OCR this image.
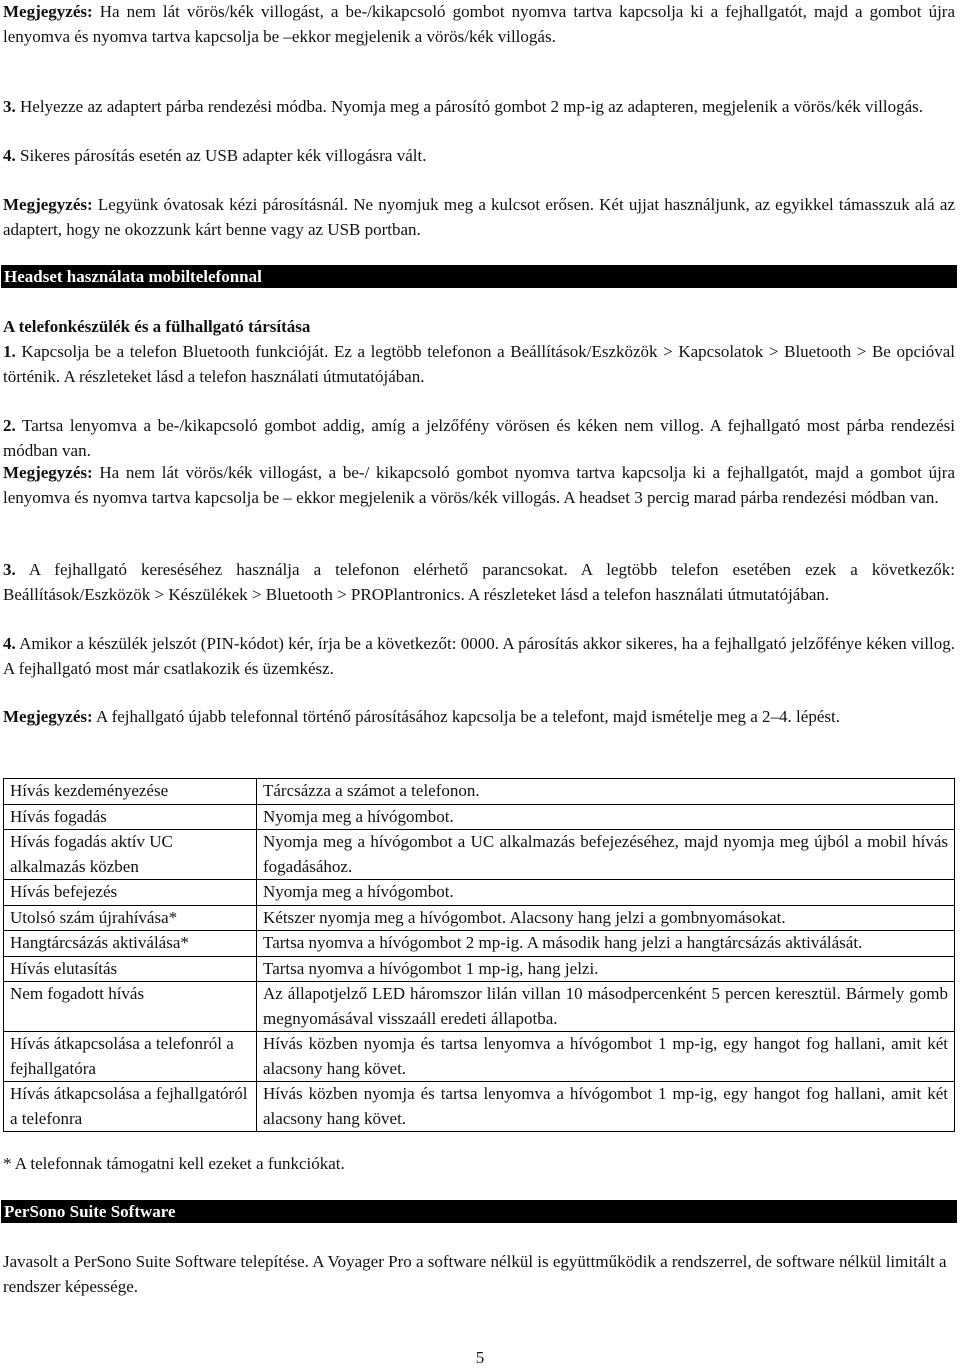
Megjegyzés: Ha nem lát vörös/kék villogást, a be-/kikapcsoló gombot nyomva tartva kapcsolja ki a fejhallgatót, majd a gombot újra lenyomva és nyomva tartva kapcsolja be –ekkor megjelenik a vörös/kék villogás.

3. Helyezze az adaptert párba rendezési módba. Nyomja meg a párosító gombot 2 mp-ig az adapteren, megjelenik a vörös/kék villogás.

4. Sikeres párosítás esetén az USB adapter kék villogásra vált.

Megjegyzés: Legyünk óvatosak kézi párosításnál. Ne nyomjuk meg a kulcsot erősen. Két ujjat használjunk, az egyikkel támasszuk alá az adaptert, hogy ne okozzunk kárt benne vagy az USB portban.

Headset használata mobiltelefonnal

A telefonkészülék és a fülhallgató társítása

1. Kapcsolja be a telefon Bluetooth funkcióját. Ez a legtöbb telefonon a Beállítások/Eszközök > Kapcsolatok > Bluetooth > Be opcióval történik. A részleteket lásd a telefon használati útmutatójában.

2. Tartsa lenyomva a be-/kikapcsoló gombot addig, amíg a jelzőfény vörösen és kéken nem villog. A fejhallgató most párba rendezési módban van.

Megjegyzés: Ha nem lát vörös/kék villogást, a be-/ kikapcsoló gombot nyomva tartva kapcsolja ki a fejhallgatót, majd a gombot újra lenyomva és nyomva tartva kapcsolja be – ekkor megjelenik a vörös/kék villogás. A headset 3 percig marad párba rendezési módban van.

3. A fejhallgató kereséséhez használja a telefonon elérhető parancsokat. A legtöbb telefon esetében ezek a következők: Beállítások/Eszközök > Készülékek > Bluetooth > PROPlantronics. A részleteket lásd a telefon használati útmutatójában.

4. Amikor a készülék jelszót (PIN-kódot) kér, írja be a következőt: 0000. A párosítás akkor sikeres, ha a fejhallgató jelzőfénye kéken villog. A fejhallgató most már csatlakozik és üzemkész.

Megjegyzés: A fejhallgató újabb telefonnal történő párosításához kapcsolja be a telefont, majd ismételje meg a 2–4. lépést.

Hívás kezdeményezése	Tárcsázza a számot a telefonon.
Hívás fogadás	Nyomja meg a hívógombot.
Hívás fogadás aktív UC alkalmazás közben	Nyomja meg a hívógombot a UC alkalmazás befejezéséhez, majd nyomja meg újból a mobil hívás fogadásához.
Hívás befejezés	Nyomja meg a hívógombot.
Utolsó szám újrahívása*	Kétszer nyomja meg a hívógombot. Alacsony hang jelzi a gombnyomásokat.
Hangtárcsázás aktiválása*	Tartsa nyomva a hívógombot 2 mp-ig. A második hang jelzi a hangtárcsázás aktiválását.
Hívás elutasítás	Tartsa nyomva a hívógombot 1 mp-ig, hang jelzi.
Nem fogadott hívás	Az állapotjelző LED háromszor lilán villan 10 másodpercenként 5 percen keresztül. Bármely gomb megnyomásával visszaáll eredeti állapotba.
Hívás átkapcsolása a telefonról a fejhallgatóra	Hívás közben nyomja és tartsa lenyomva a hívógombot 1 mp-ig, egy hangot fog hallani, amit két alacsony hang követ.
Hívás átkapcsolása a fejhallgatóról a telefonra	Hívás közben nyomja és tartsa lenyomva a hívógombot 1 mp-ig, egy hangot fog hallani, amit két alacsony hang követ.

* A telefonnak támogatni kell ezeket a funkciókat.

PerSono Suite Software

Javasolt a PerSono Suite Software telepítése. A Voyager Pro a software nélkül is együttműködik a rendszerrel, de software nélkül limitált a rendszer képessége.

5
